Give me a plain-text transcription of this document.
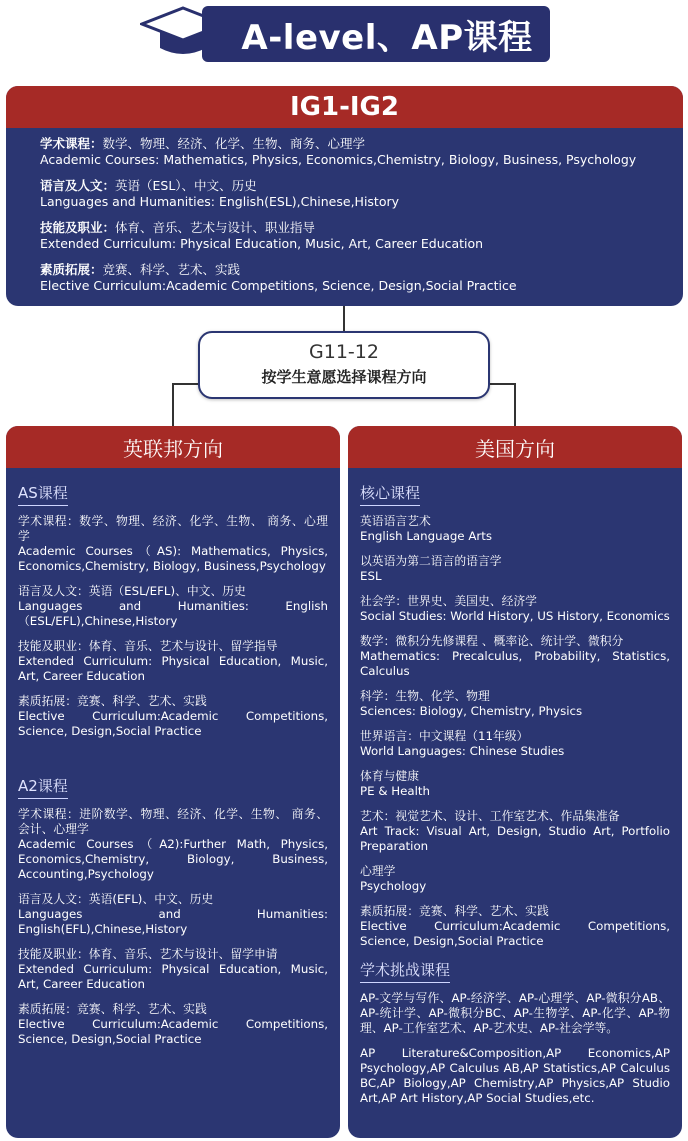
A-level、AP课程
IG1-IG2
学术课程：数学、物理、经济、化学、生物、商务、心理学
Academic Courses: Mathematics, Physics, Economics,Chemistry, Biology, Business, Psychology
语言及人文：英语（ESL）、中文、历史
Languages and Humanities: English(ESL),Chinese,History
技能及职业：体育、音乐、艺术与设计、职业指导
Extended Curriculum: Physical Education, Music, Art, Career Education
素质拓展：竞赛、科学、艺术、实践
Elective Curriculum:Academic Competitions, Science, Design,Social Practice
G11-12
按学生意愿选择课程方向
英联邦方向
AS课程
学术课程：数学、物理、经济、化学、生物、 商务、心理学
Academic Courses（AS): Mathematics, Physics, Economics,Chemistry, Biology, Business,Psychology
语言及人文：英语（ESL/EFL)、中文、历史
Languages and Humanities: English（ESL/EFL),Chinese,History
技能及职业：体育、音乐、艺术与设计、留学指导
Extended Curriculum: Physical Education, Music, Art, Career Education
素质拓展：竞赛、科学、艺术、实践
Elective Curriculum:Academic Competitions, Science, Design,Social Practice
A2课程
学术课程：进阶数学、物理、经济、化学、生物、 商务、会计、心理学
Academic Courses（A2):Further Math, Physics, Economics,Chemistry, Biology, Business, Accounting,Psychology
语言及人文：英语(EFL)、中文、历史
Languages and Humanities: English(EFL),Chinese,History
技能及职业：体育、音乐、艺术与设计、留学申请
Extended Curriculum: Physical Education, Music, Art, Career Education
素质拓展：竞赛、科学、艺术、实践
Elective Curriculum:Academic Competitions, Science, Design,Social Practice
美国方向
核心课程
英语语言艺术
English Language Arts
以英语为第二语言的语言学
ESL
社会学：世界史、美国史、经济学
Social Studies: World History, US History, Economics
数学：微积分先修课程 、概率论、统计学、微积分
Mathematics: Precalculus, Probability, Statistics, Calculus
科学：生物、化学、物理
Sciences: Biology, Chemistry, Physics
世界语言：中文课程（11年级）
World Languages: Chinese Studies
体育与健康
PE & Health
艺术：视觉艺术、设计、工作室艺术、作品集准备
Art Track: Visual Art, Design, Studio Art, Portfolio Preparation
心理学
Psychology
素质拓展：竞赛、科学、艺术、实践
Elective Curriculum:Academic Competitions, Science, Design,Social Practice
学术挑战课程
AP-文学与写作、AP-经济学、AP-心理学、AP-微积分AB、AP-统计学、AP-微积分BC、AP-生物学、AP-化学、AP-物理、AP-工作室艺术、AP-艺术史、AP-社会学等。
AP Literature&Composition,AP Economics,AP Psychology,AP Calculus AB,AP Statistics,AP Calculus BC,AP Biology,AP Chemistry,AP Physics,AP Studio Art,AP Art History,AP Social Studies,etc.
